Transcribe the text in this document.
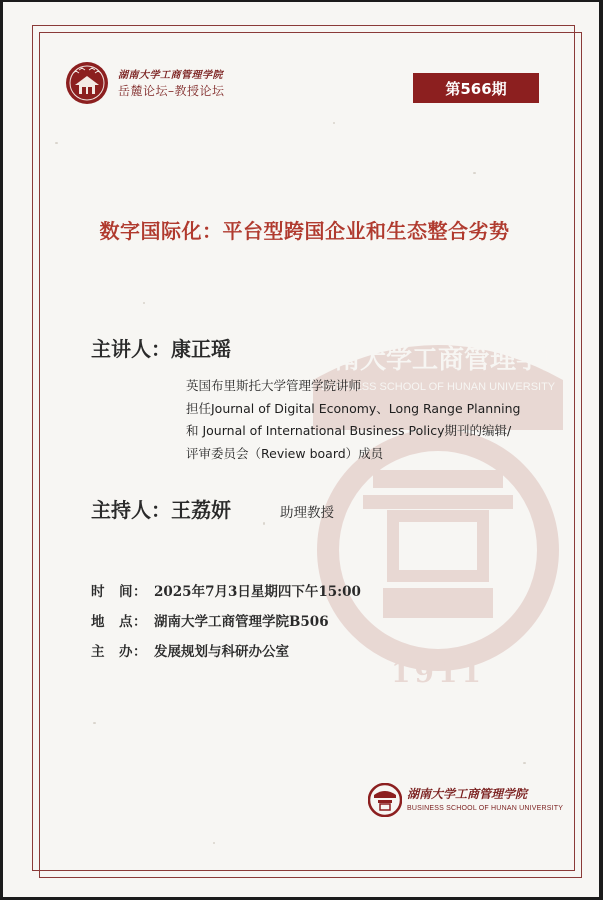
湖南大学工商管理学院
岳麓论坛–教授论坛	第566期
数字国际化：平台型跨国企业和生态整合劣势
湖南大学工商管理学院
BUSINESS SCHOOL OF HUNAN UNIVERSITY
1911
主讲人：康正瑶
英国布里斯托大学管理学院讲师
担任Journal of Digital Economy、Long Range Planning
和 Journal of International Business Policy期刊的编辑/
评审委员会（Review board）成员
主持人：王荔妍	助理教授
时　间： 2025年7月3日星期四下午15:00
地　点： 湖南大学工商管理学院B506
主　办： 发展规划与科研办公室
湖南大学工商管理学院
BUSINESS SCHOOL OF HUNAN UNIVERSITY
